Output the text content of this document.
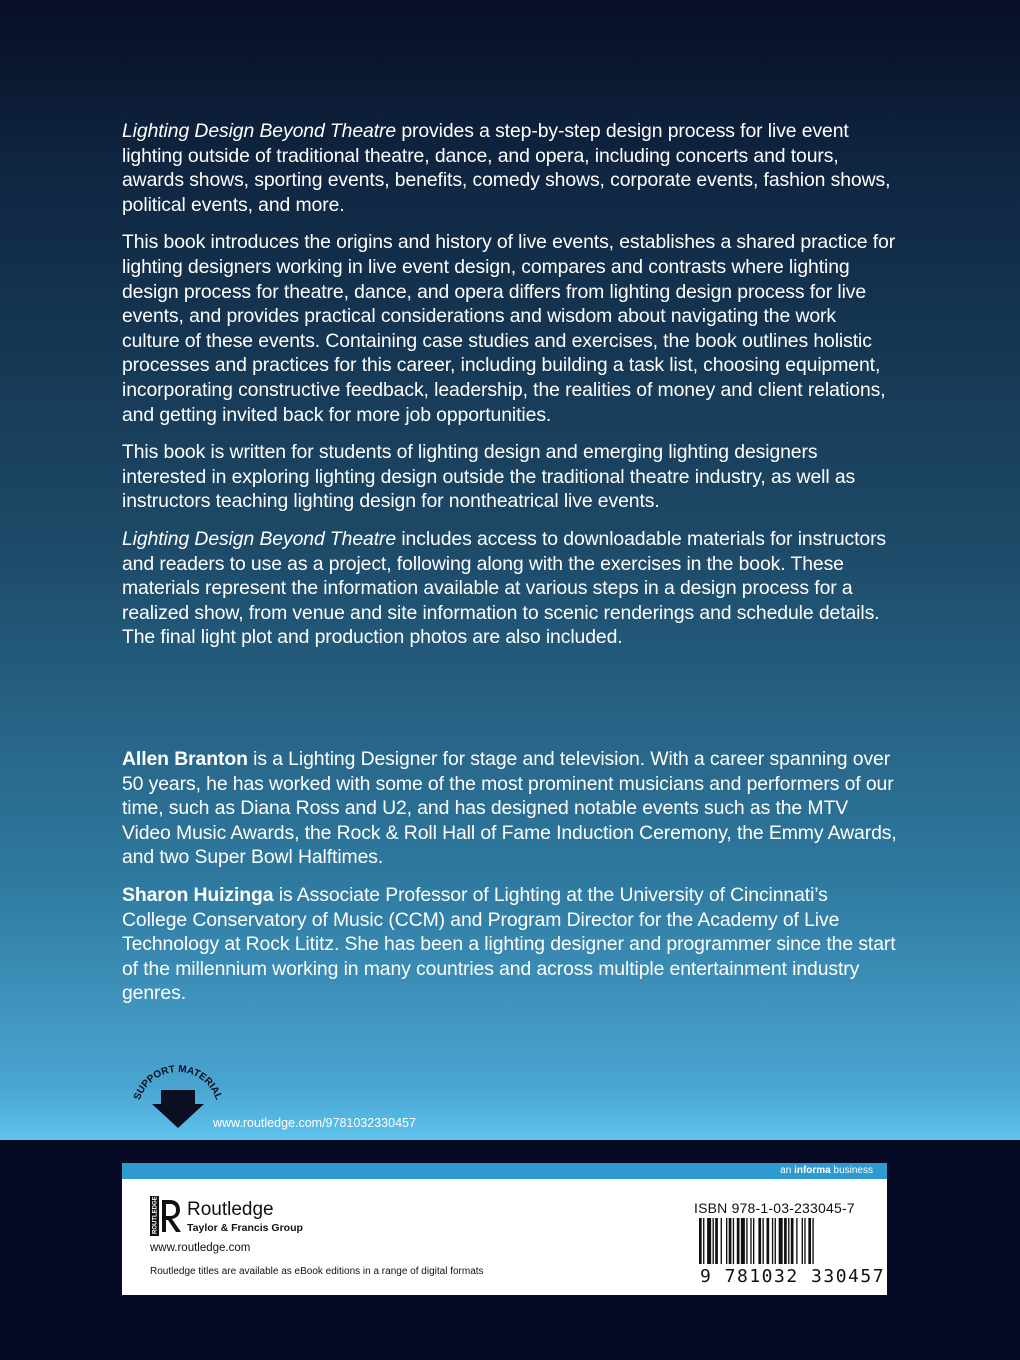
Lighting Design Beyond Theatre provides a step-by-step design process for live event lighting outside of traditional theatre, dance, and opera, including concerts and tours, awards shows, sporting events, benefits, comedy shows, corporate events, fashion shows, political events, and more.

This book introduces the origins and history of live events, establishes a shared practice for lighting designers working in live event design, compares and contrasts where lighting design process for theatre, dance, and opera differs from lighting design process for live events, and provides practical considerations and wisdom about navigating the work culture of these events. Containing case studies and exercises, the book outlines holistic processes and practices for this career, including building a task list, choosing equipment, incorporating constructive feedback, leadership, the realities of money and client relations, and getting invited back for more job opportunities.

This book is written for students of lighting design and emerging lighting designers interested in exploring lighting design outside the traditional theatre industry, as well as instructors teaching lighting design for nontheatrical live events.

Lighting Design Beyond Theatre includes access to downloadable materials for instructors and readers to use as a project, following along with the exercises in the book. These materials represent the information available at various steps in a design process for a realized show, from venue and site information to scenic renderings and schedule details. The final light plot and production photos are also included.

Allen Branton is a Lighting Designer for stage and television. With a career spanning over 50 years, he has worked with some of the most prominent musicians and performers of our time, such as Diana Ross and U2, and has designed notable events such as the MTV Video Music Awards, the Rock & Roll Hall of Fame Induction Ceremony, the Emmy Awards, and two Super Bowl Halftimes.

Sharon Huizinga is Associate Professor of Lighting at the University of Cincinnati’s College Conservatory of Music (CCM) and Program Director for the Academy of Live Technology at Rock Lititz. She has been a lighting designer and programmer since the start of the millennium working in many countries and across multiple entertainment industry genres.

SUPPORT MATERIAL
www.routledge.com/9781032330457
an informa business
ROUTLEDGE Routledge
Taylor & Francis Group
www.routledge.com
Routledge titles are available as eBook editions in a range of digital formats
ISBN 978-1-03-233045-7
9 781032 330457
